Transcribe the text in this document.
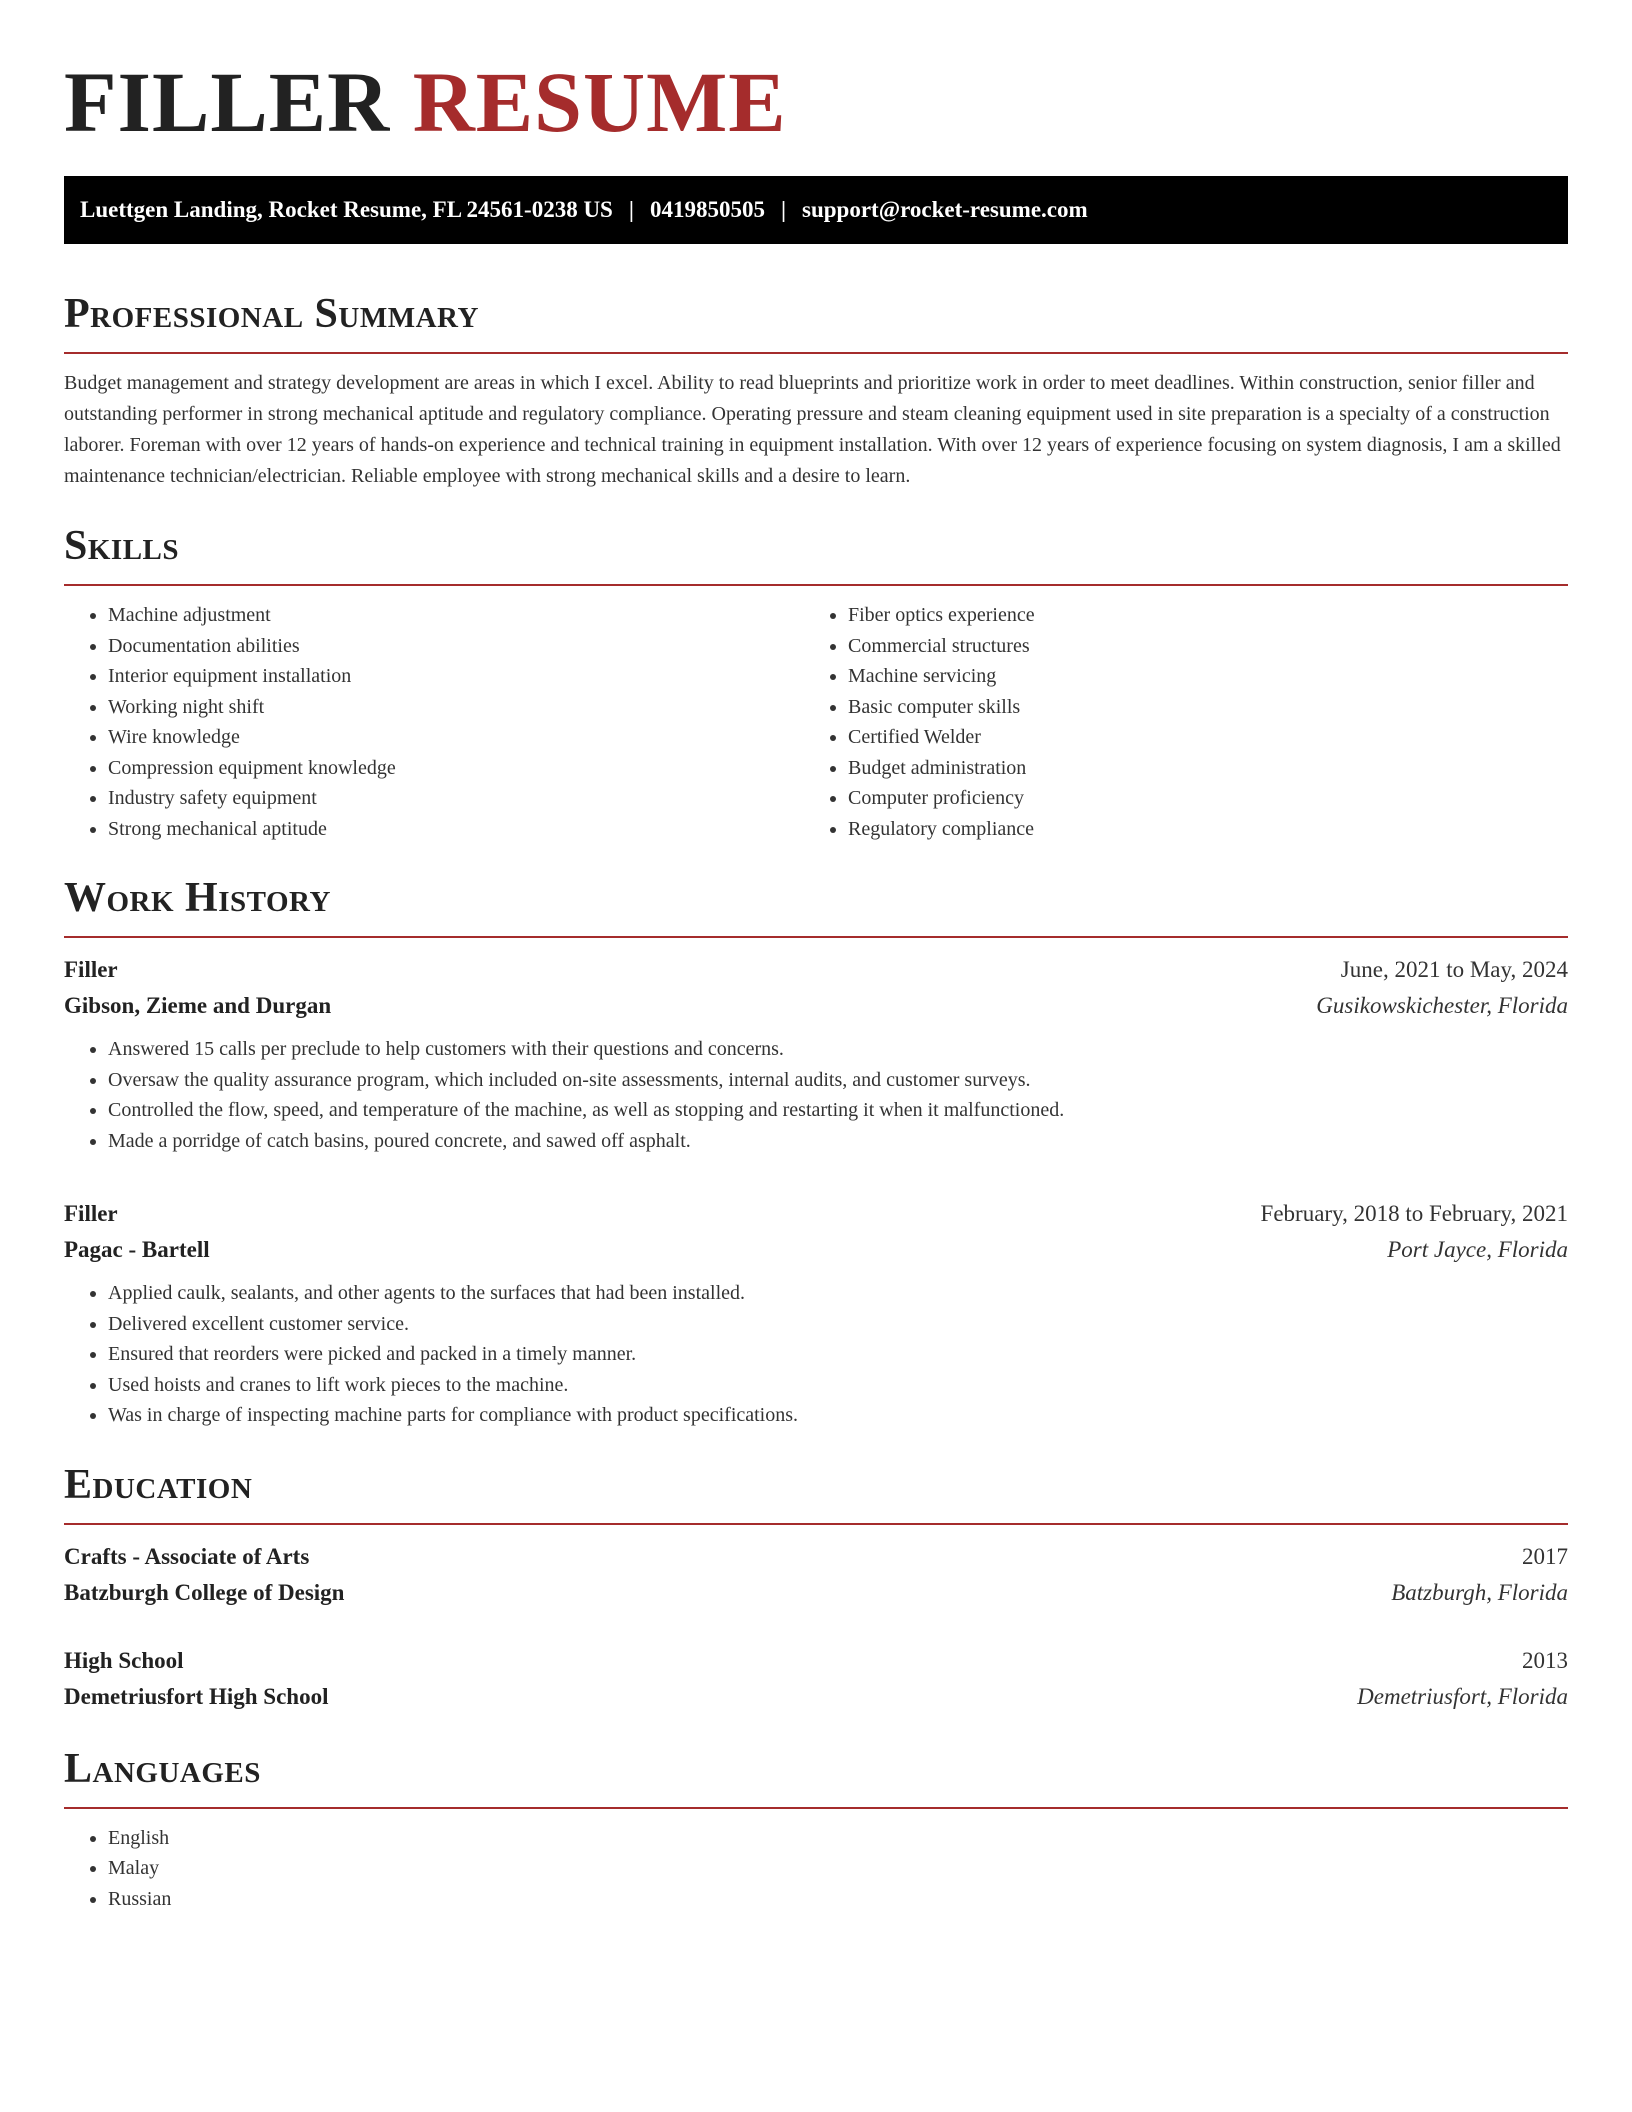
FILLER RESUME
Luettgen Landing, Rocket Resume, FL 24561-0238 US | 0419850505 | support@rocket-resume.com
Professional Summary

Budget management and strategy development are areas in which I excel. Ability to read blueprints and prioritize work in order to meet deadlines. Within construction, senior filler and outstanding performer in strong mechanical aptitude and regulatory compliance. Operating pressure and steam cleaning equipment used in site preparation is a specialty of a construction laborer. Foreman with over 12 years of hands-on experience and technical training in equipment installation. With over 12 years of experience focusing on system diagnosis, I am a skilled maintenance technician/electrician. Reliable employee with strong mechanical skills and a desire to learn.

Skills
• Machine adjustment
• Documentation abilities
• Interior equipment installation
• Working night shift
• Wire knowledge
• Compression equipment knowledge
• Industry safety equipment
• Strong mechanical aptitude
• Fiber optics experience
• Commercial structures
• Machine servicing
• Basic computer skills
• Certified Welder
• Budget administration
• Computer proficiency
• Regulatory compliance
Work History
Filler	June, 2021 to May, 2024
Gibson, Zieme and Durgan	Gusikowskichester, Florida
• Answered 15 calls per preclude to help customers with their questions and concerns.
• Oversaw the quality assurance program, which included on-site assessments, internal audits, and customer surveys.
• Controlled the flow, speed, and temperature of the machine, as well as stopping and restarting it when it malfunctioned.
• Made a porridge of catch basins, poured concrete, and sawed off asphalt.
Filler	February, 2018 to February, 2021
Pagac - Bartell	Port Jayce, Florida
• Applied caulk, sealants, and other agents to the surfaces that had been installed.
• Delivered excellent customer service.
• Ensured that reorders were picked and packed in a timely manner.
• Used hoists and cranes to lift work pieces to the machine.
• Was in charge of inspecting machine parts for compliance with product specifications.
Education
Crafts - Associate of Arts	2017
Batzburgh College of Design	Batzburgh, Florida
High School	2013
Demetriusfort High School	Demetriusfort, Florida
Languages
• English
• Malay
• Russian
